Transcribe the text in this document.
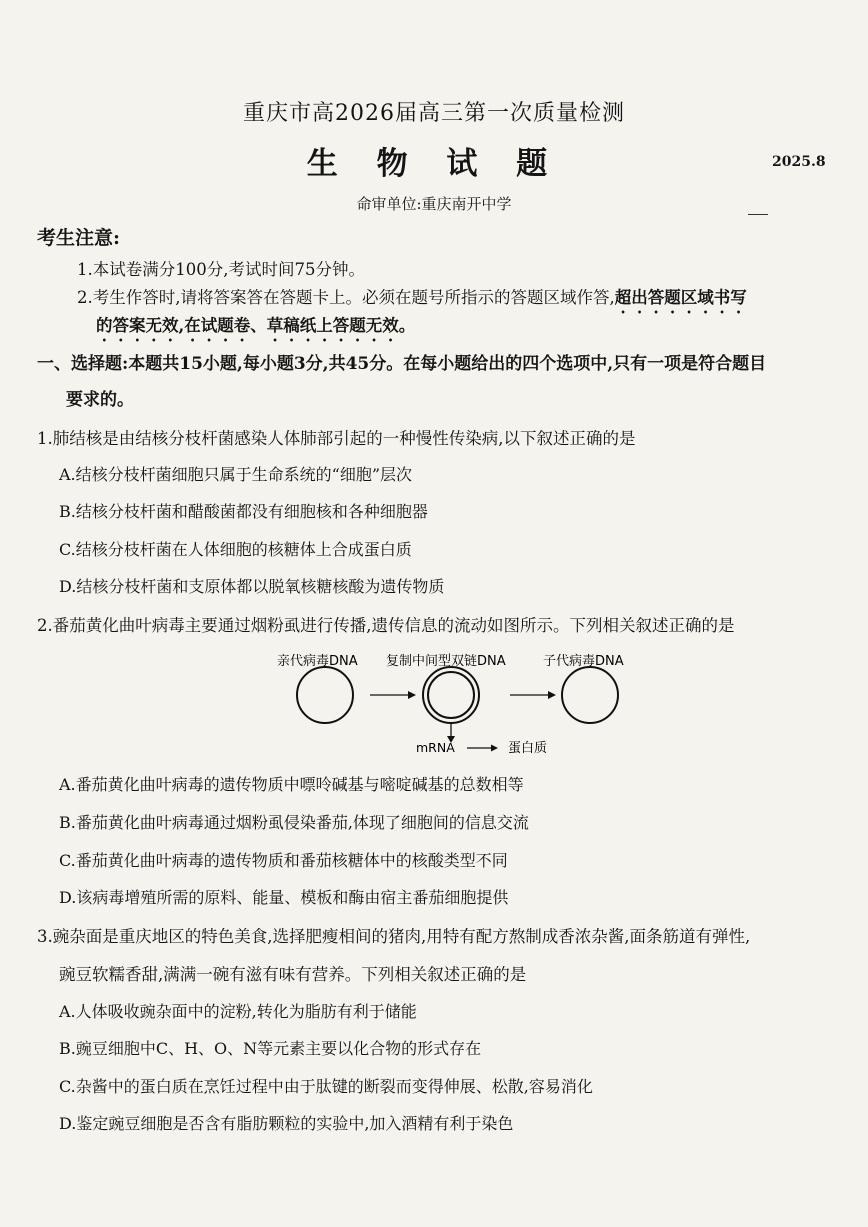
重庆市高2026届高三第一次质量检测
生 物 试 题	2025.8
命审单位:重庆南开中学
考生注意:
1.本试卷满分100分,考试时间75分钟。
2.考生作答时,请将答案答在答题卡上。必须在题号所指示的答题区域作答,超出答题区域书写
的答案无效,在试题卷、草稿纸上答题无效。
一、选择题:本题共15小题,每小题3分,共45分。在每小题给出的四个选项中,只有一项是符合题目
要求的。
1.肺结核是由结核分枝杆菌感染人体肺部引起的一种慢性传染病,以下叙述正确的是
A.结核分枝杆菌细胞只属于生命系统的“细胞”层次
B.结核分枝杆菌和醋酸菌都没有细胞核和各种细胞器
C.结核分枝杆菌在人体细胞的核糖体上合成蛋白质
D.结核分枝杆菌和支原体都以脱氧核糖核酸为遗传物质
2.番茄黄化曲叶病毒主要通过烟粉虱进行传播,遗传信息的流动如图所示。下列相关叙述正确的是
亲代病毒DNA 复制中间型双链DNA	子代病毒DNA
mRNA	蛋白质
A.番茄黄化曲叶病毒的遗传物质中嘌呤碱基与嘧啶碱基的总数相等
B.番茄黄化曲叶病毒通过烟粉虱侵染番茄,体现了细胞间的信息交流
C.番茄黄化曲叶病毒的遗传物质和番茄核糖体中的核酸类型不同
D.该病毒增殖所需的原料、能量、模板和酶由宿主番茄细胞提供
3.豌杂面是重庆地区的特色美食,选择肥瘦相间的猪肉,用特有配方熬制成香浓杂酱,面条筋道有弹性,
豌豆软糯香甜,满满一碗有滋有味有营养。下列相关叙述正确的是
A.人体吸收豌杂面中的淀粉,转化为脂肪有利于储能
B.豌豆细胞中C、H、O、N等元素主要以化合物的形式存在
C.杂酱中的蛋白质在烹饪过程中由于肽键的断裂而变得伸展、松散,容易消化
D.鉴定豌豆细胞是否含有脂肪颗粒的实验中,加入酒精有利于染色
